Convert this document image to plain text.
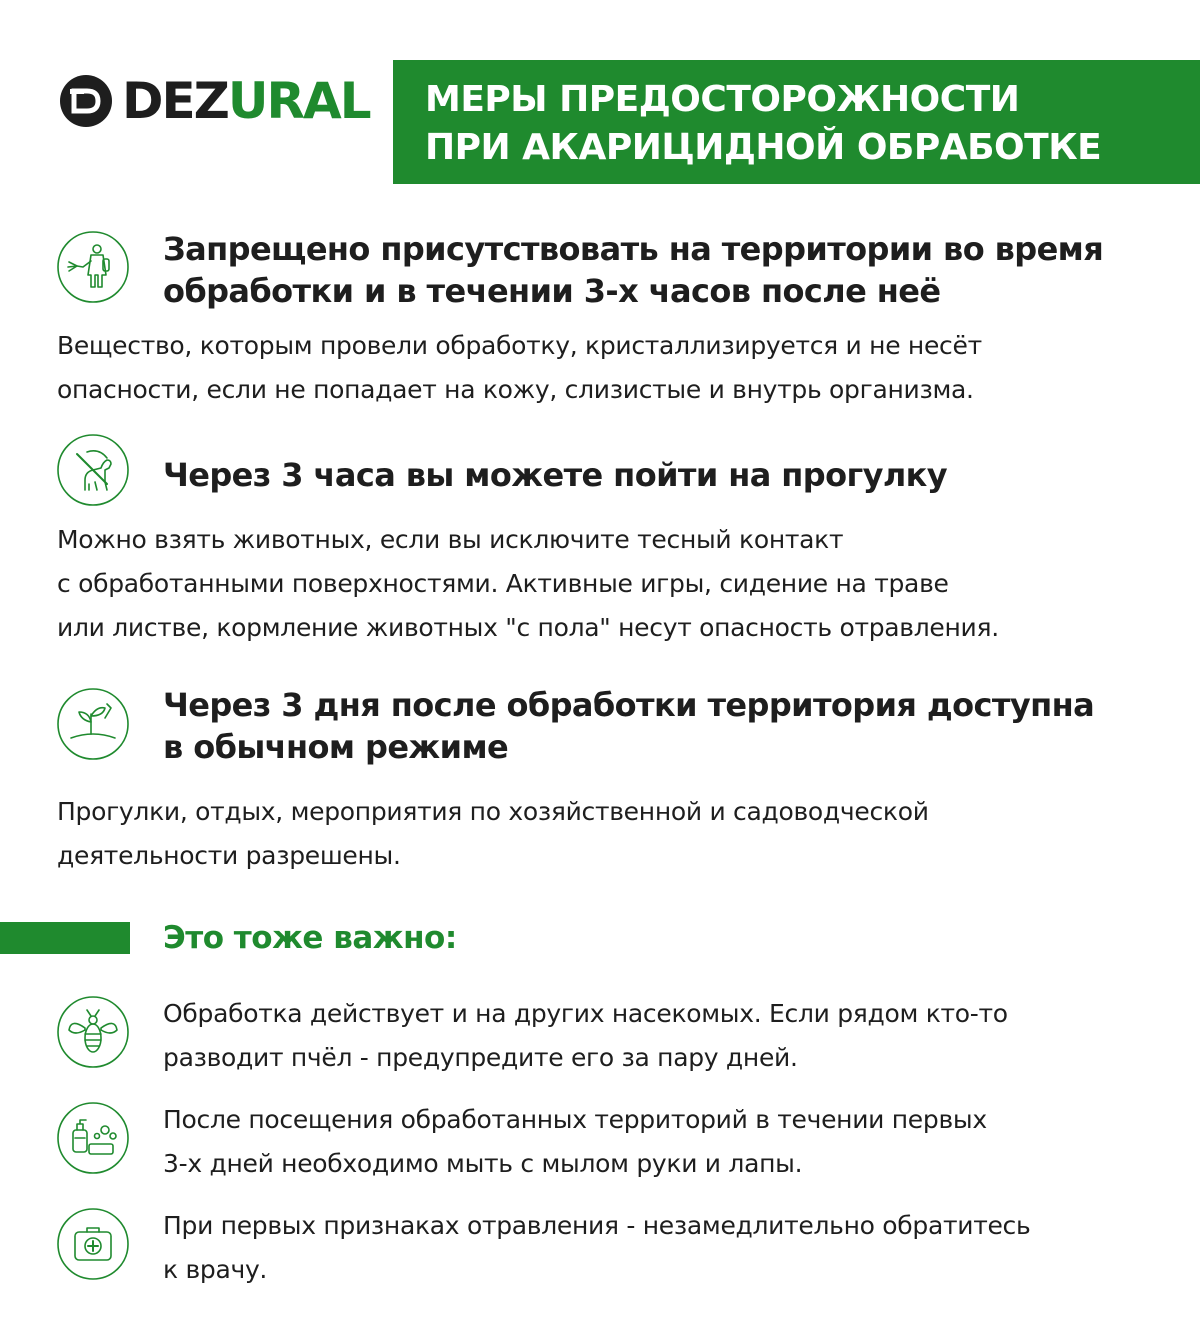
DEZURAL МЕРЫ ПРЕДОСТОРОЖНОСТИ
ПРИ АКАРИЦИДНОЙ ОБРАБОТКЕ
Запрещено присутствовать на территории во время
обработки и в течении 3-х часов после неё
Вещество, которым провели обработку, кристаллизируется и не несёт
опасности, если не попадает на кожу, слизистые и внутрь организма.
Через 3 часа вы можете пойти на прогулку
Можно взять животных, если вы исключите тесный контакт
с обработанными поверхностями. Активные игры, сидение на траве
или листве, кормление животных "с пола" несут опасность отравления.
Через 3 дня после обработки территория доступна
в обычном режиме
Прогулки, отдых, мероприятия по хозяйственной и садоводческой
деятельности разрешены.
Это тоже важно:
Обработка действует и на других насекомых. Если рядом кто-то
разводит пчёл - предупредите его за пару дней.
После посещения обработанных территорий в течении первых
3-х дней необходимо мыть с мылом руки и лапы.
При первых признаках отравления - незамедлительно обратитесь
к врачу.
